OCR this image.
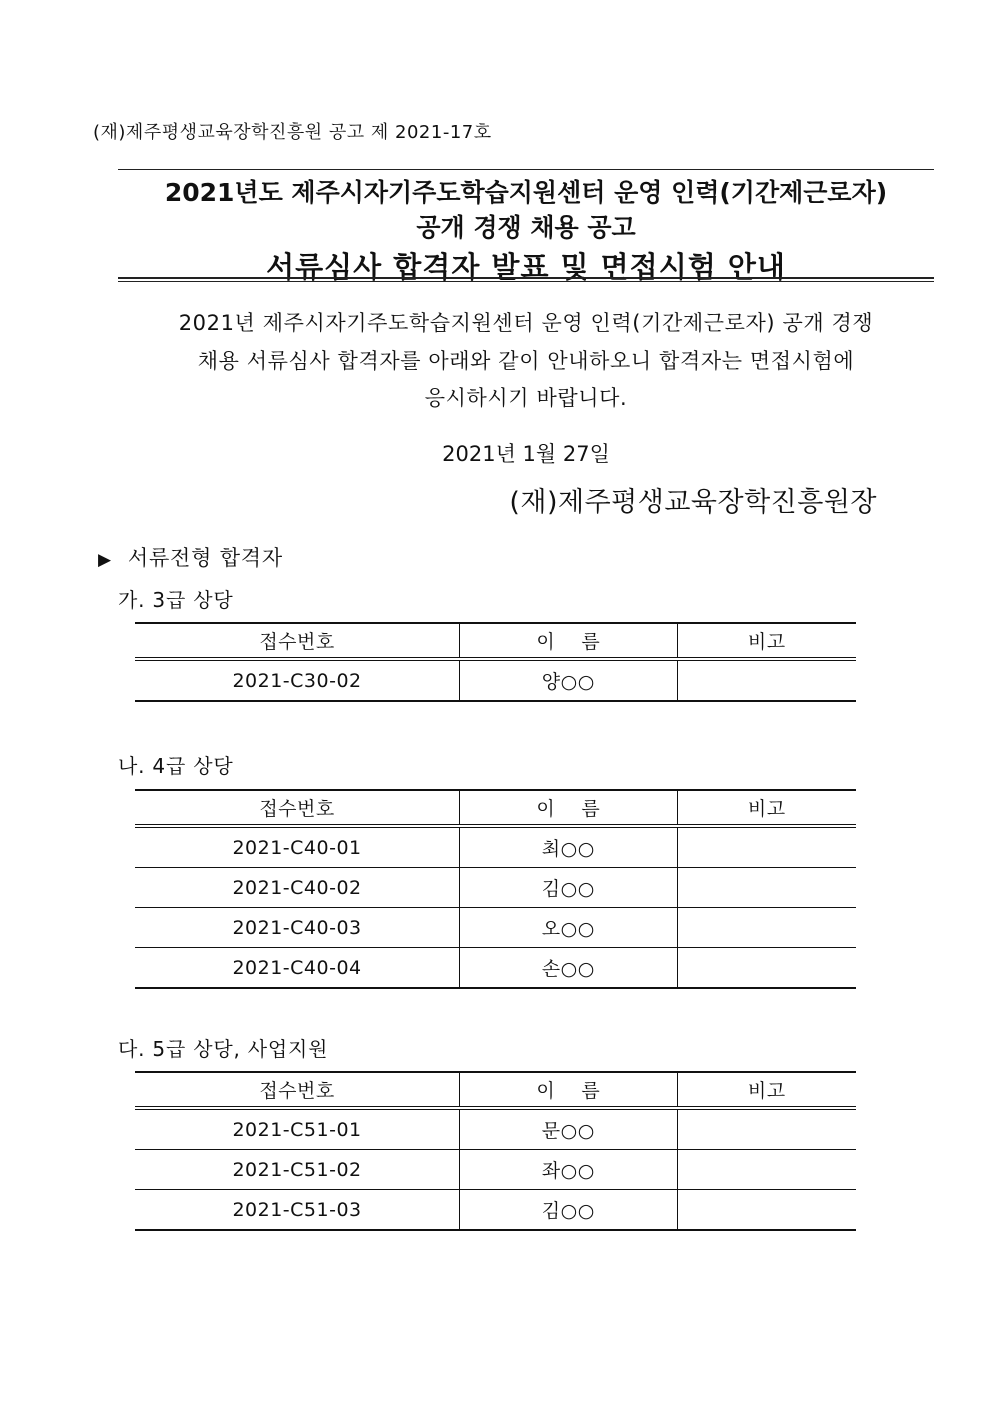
(재)제주평생교육장학진흥원 공고 제 2021-17호
2021년도 제주시자기주도학습지원센터 운영 인력(기간제근로자)
공개 경쟁 채용 공고
서류심사 합격자 발표 및 면접시험 안내
2021년 제주시자기주도학습지원센터 운영 인력(기간제근로자) 공개 경쟁
채용 서류심사 합격자를 아래와 같이 안내하오니 합격자는 면접시험에
응시하시기 바랍니다.
2021년 1월 27일
(재)제주평생교육장학진흥원장
▶ 서류전형 합격자
가. 3급 상당
접수번호	이    름	비고
2021-C30-02	양○○	
나. 4급 상당
접수번호	이    름	비고
2021-C40-01	최○○	
2021-C40-02	김○○	
2021-C40-03	오○○	
2021-C40-04	손○○	
다. 5급 상당, 사업지원
접수번호	이    름	비고
2021-C51-01	문○○	
2021-C51-02	좌○○	
2021-C51-03	김○○	
